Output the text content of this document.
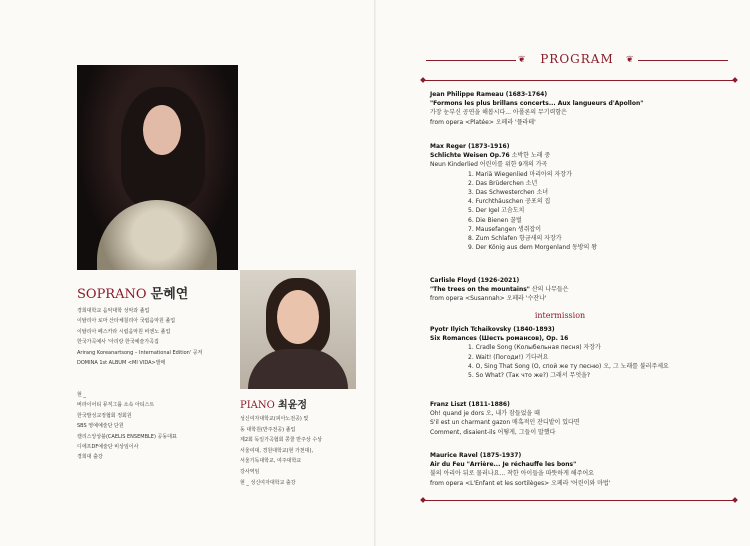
SOPRANO 문혜연
경희대학교 음악대학 성악과 졸업
이탈리아 로마 산타체칠리아 국립음악원 졸업
이탈리아 페스카라 시립음악원 비엔노 졸업
한국가곡예사 '아리랑 한국예술가곡집
Arirang Koreanartsong – International Edition' 공저
DOMINA 1st ALBUM <MI VIDA>발매
현 _
버라이어티 뮤직그룹 소속 아티스트
한국발성교정협회 정회원
SBS 영예예술단 단원
캘리스앙상블(CAELIS ENSEMBLE) 공동대표
디에프DF예술단 비상임이사
경희대 출강
PIANO 최윤정
성신여자대학교(피아노전공) 및
동 대학원(반주전공) 졸업
제2회 독일가곡협회 콩쿨 반주상 수상
서울여대, 경원대학교(현 가천대),
서울기독대학교, 여주대학교
강사역임
현 _ 성신여자대학교 출강
❦	❦
PROGRAM
Jean Philippe Rameau (1683-1764)
"Formons les plus brillans concerts... Aux langueurs d'Apollon"
가장 눈부신 공연을 해봅시다... 아폴론의 무기력함은
from opera <Platée> 오페라 '플라테'
Max Reger (1873-1916)
Schlichte Weisen Op.76 소박한 노래 중
Neun Kinderlied 어린이를 위한 9개의 가곡
1. Mariä Wiegenlied 마리아의 자장가
2. Das Brüderchen 소년
3. Das Schwesterchen 소녀
4. Furchthäuschen 공포의 집
5. Der Igel 고슴도치
6. Die Bienen 꿀벌
7. Mausefangen 생쥐잡이
8. Zum Schlafen 항금새의 자장가
9. Der König aus dem Morgenland 동방의 왕
Carlisle Floyd (1926-2021)
"The trees on the mountains" 산의 나무들은
from opera <Susannah> 오페라 '수잔나'
Pyotr Ilyich Tchaikovsky (1840-1893)
Six Romances (Шесть романсов), Op. 16
1. Cradle Song (Колыбельная песня) 자장가
2. Wait! (Погоди!) 기다려요
4. O, Sing That Song (О, спой же ту песню) 오, 그 노래를 불러주세요
5. So What? (Так что же?) 그래서 무엇을?
Franz Liszt (1811-1886)
Oh! quand je dors 오, 내가 잠들었을 때
S'il est un charmant gazon 매혹적인 잔디밭이 있다면
Comment, disaient-ils 어떻게, 그들이 말했다
Maurice Ravel (1875-1937)
Air du Feu "Arrière... Je réchauffe les bons"
불의 아리아 뒤로 물러나요... 착한 아이들을 따뜻하게 해주어요
from opera <L'Enfant et les sortilèges> 오페라 '어린이와 마법'
intermission
